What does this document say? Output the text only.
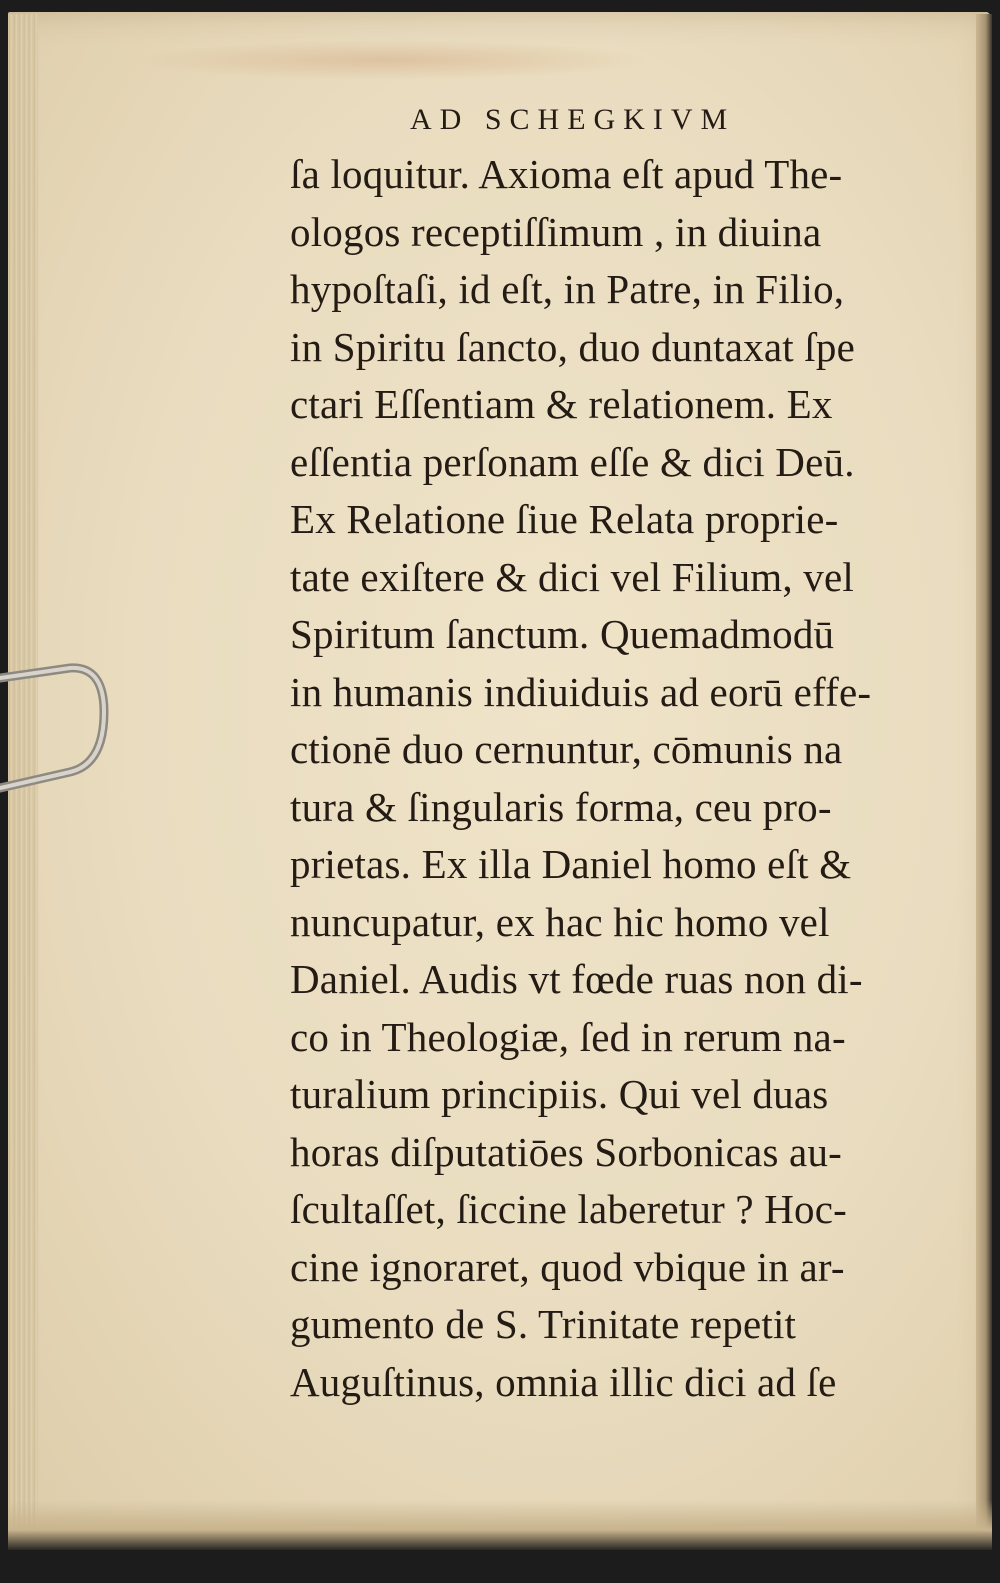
AD SCHEGKIVM
ſa loquitur. Axioma eſt apud The-
ologos receptiſſimum , in diuina
hypoſtaſi, id eſt, in Patre, in Filio,
in Spiritu ſancto, duo duntaxat ſpe
ctari Eſſentiam & relationem. Ex
eſſentia perſonam eſſe & dici Deū.
Ex Relatione ſiue Relata proprie-
tate exiſtere & dici vel Filium, vel
Spiritum ſanctum. Quemadmodū
in humanis indiuiduis ad eorū effe-
ctionē duo cernuntur, cōmunis na
tura & ſingularis forma, ceu pro-
prietas. Ex illa Daniel homo eſt &
nuncupatur, ex hac hic homo vel
Daniel. Audis vt fœde ruas non di-
co in Theologiæ, ſed in rerum na-
turalium principiis. Qui vel duas
horas diſputatiōes Sorbonicas au-
ſcultaſſet, ſiccine laberetur ? Hoc-
cine ignoraret, quod vbique in ar-
gumento de S. Trinitate repetit
Auguſtinus, omnia illic dici ad ſe
